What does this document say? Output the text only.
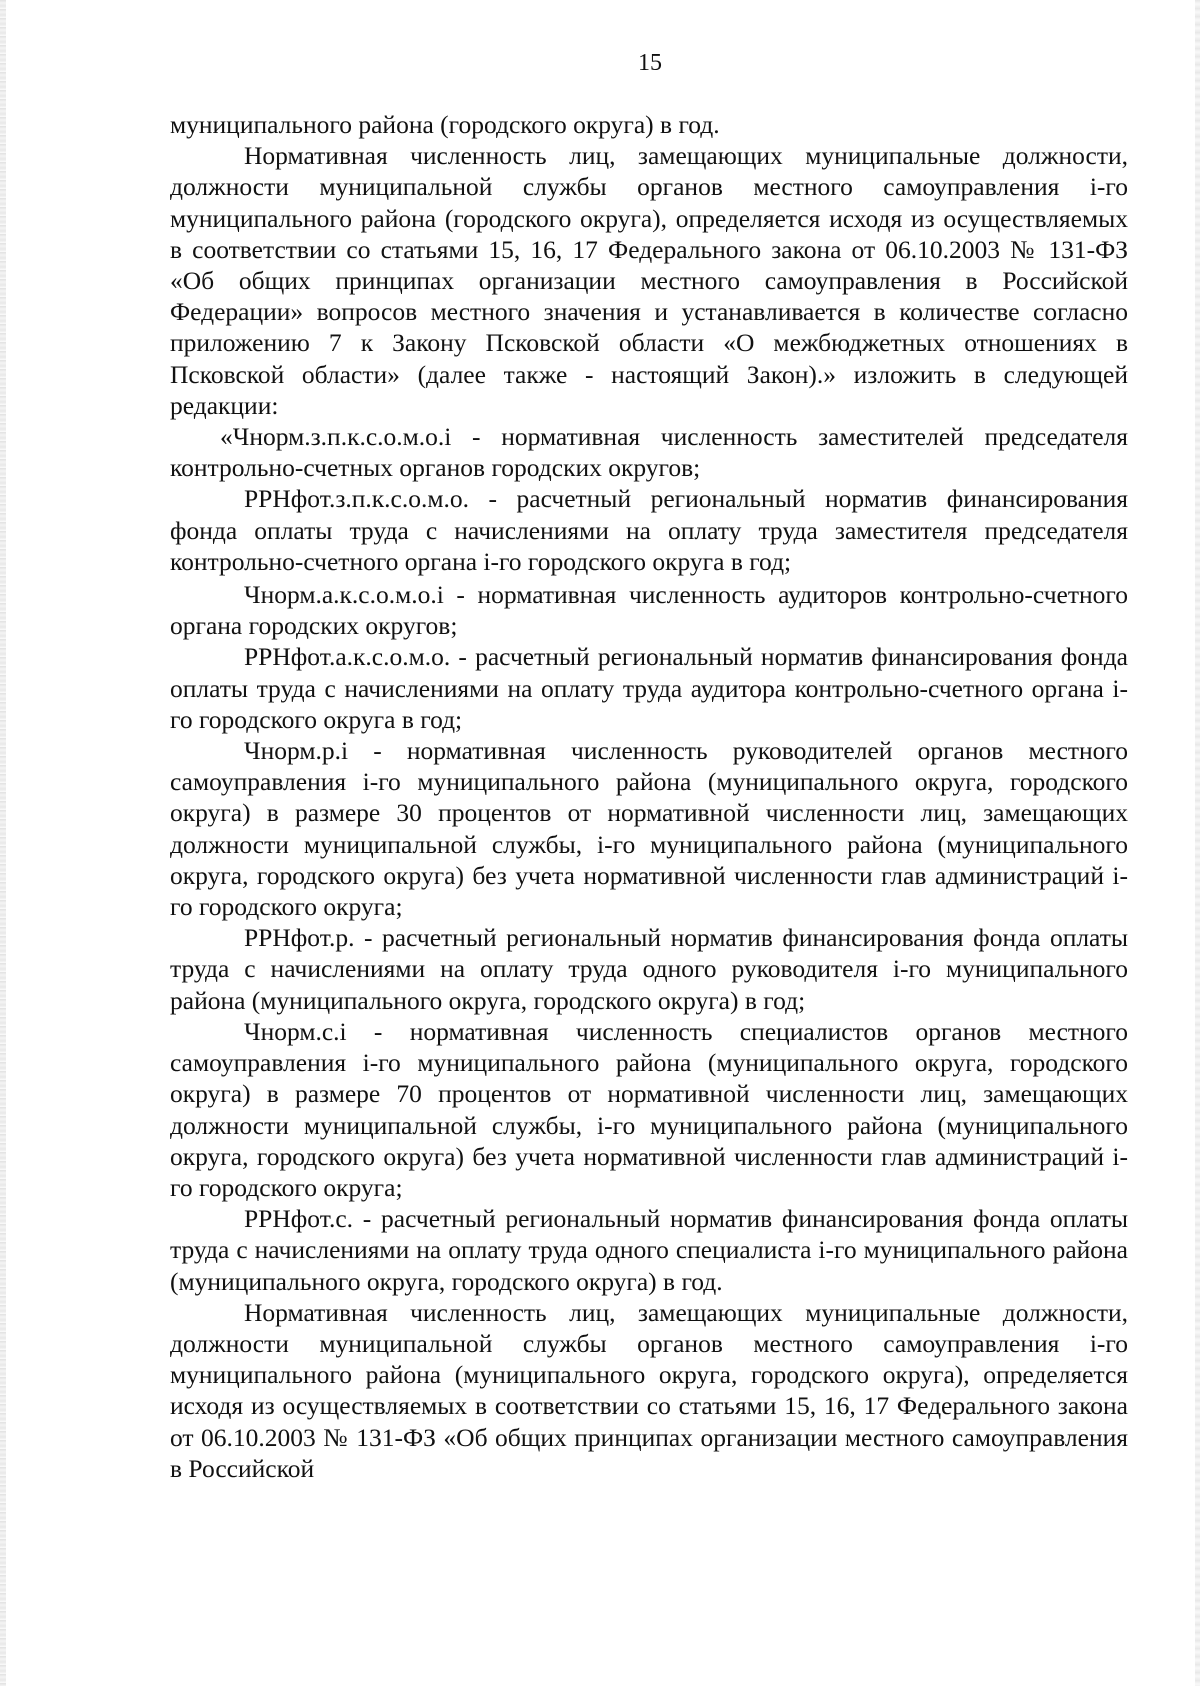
15

муниципального района (городского округа) в год.

Нормативная численность лиц, замещающих муниципальные должности, должности муниципальной службы органов местного самоуправления i-го муниципального района (городского округа), определяется исходя из осуществляемых в соответствии со статьями 15, 16, 17 Федерального закона от 06.10.2003 № 131-ФЗ «Об общих принципах организации местного самоуправления в Российской Федерации» вопросов местного значения и устанавливается в количестве согласно приложению 7 к Закону Псковской области «О межбюджетных отношениях в Псковской области» (далее также - настоящий Закон).» изложить в следующей редакции:

«Чнорм.з.п.к.с.о.м.о.i - нормативная численность заместителей председателя контрольно-счетных органов городских округов;

РРНфот.з.п.к.с.о.м.о. - расчетный региональный норматив финансирования фонда оплаты труда с начислениями на оплату труда заместителя председателя контрольно-счетного органа i-го городского округа в год;

Чнорм.а.к.с.о.м.о.i - нормативная численность аудиторов контрольно-счетного органа городских округов;

РРНфот.а.к.с.о.м.о. - расчетный региональный норматив финансирования фонда оплаты труда с начислениями на оплату труда аудитора контрольно-счетного органа i-го городского округа в год;

Чнорм.р.i - нормативная численность руководителей органов местного самоуправления i-го муниципального района (муниципального округа, городского округа) в размере 30 процентов от нормативной численности лиц, замещающих должности муниципальной службы, i-го муниципального района (муниципального округа, городского округа) без учета нормативной численности глав администраций i-го городского округа;

РРНфот.р. - расчетный региональный норматив финансирования фонда оплаты труда с начислениями на оплату труда одного руководителя i-го муниципального района (муниципального округа, городского округа) в год;

Чнорм.с.i - нормативная численность специалистов органов местного самоуправления i-го муниципального района (муниципального округа, городского округа) в размере 70 процентов от нормативной численности лиц, замещающих должности муниципальной службы, i-го муниципального района (муниципального округа, городского округа) без учета нормативной численности глав администраций i-го городского округа;

РРНфот.с. - расчетный региональный норматив финансирования фонда оплаты труда с начислениями на оплату труда одного специалиста i-го муниципального района (муниципального округа, городского округа) в год.

Нормативная численность лиц, замещающих муниципальные должности, должности муниципальной службы органов местного самоуправления i-го муниципального района (муниципального округа, городского округа), определяется исходя из осуществляемых в соответствии со статьями 15, 16, 17 Федерального закона от 06.10.2003 № 131-ФЗ «Об общих принципах организации местного самоуправления в Российской
